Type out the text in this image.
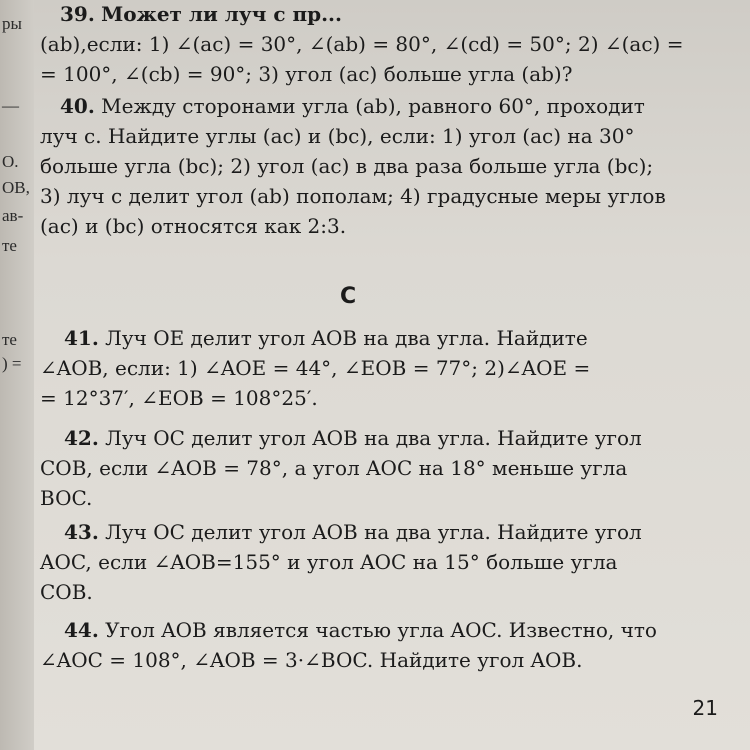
ры
—
О.
ОВ,
ав-
те
те
) =
39. Может ли луч с пр...
(ab),если: 1) ∠(ac) = 30°, ∠(ab) = 80°, ∠(cd) = 50°; 2) ∠(ac) =
= 100°, ∠(cb) = 90°; 3) угол (ac) больше угла (ab)?
40. Между сторонами угла (ab), равного 60°, проходит
луч c. Найдите углы (ac) и (bc), если: 1) угол (ac) на 30°
больше угла (bc); 2) угол (ac) в два раза больше угла (bc);
3) луч c делит угол (ab) пополам; 4) градусные меры углов
(ac) и (bc) относятся как 2:3.
C
41. Луч OE делит угол AOB на два угла. Найдите
∠AOB, если: 1) ∠AOE = 44°, ∠EOB = 77°; 2)∠AOE =
= 12°37′, ∠EOB = 108°25′.
42. Луч OC делит угол AOB на два угла. Найдите угол
COB, если ∠AOB = 78°, а угол AOC на 18° меньше угла
BOC.
43. Луч OC делит угол AOB на два угла. Найдите угол
AOC, если ∠AOB=155° и угол AOC на 15° больше угла
COB.
44. Угол AOB является частью угла AOC. Известно, что
∠AOC = 108°, ∠AOB = 3·∠BOC. Найдите угол AOB.
21
